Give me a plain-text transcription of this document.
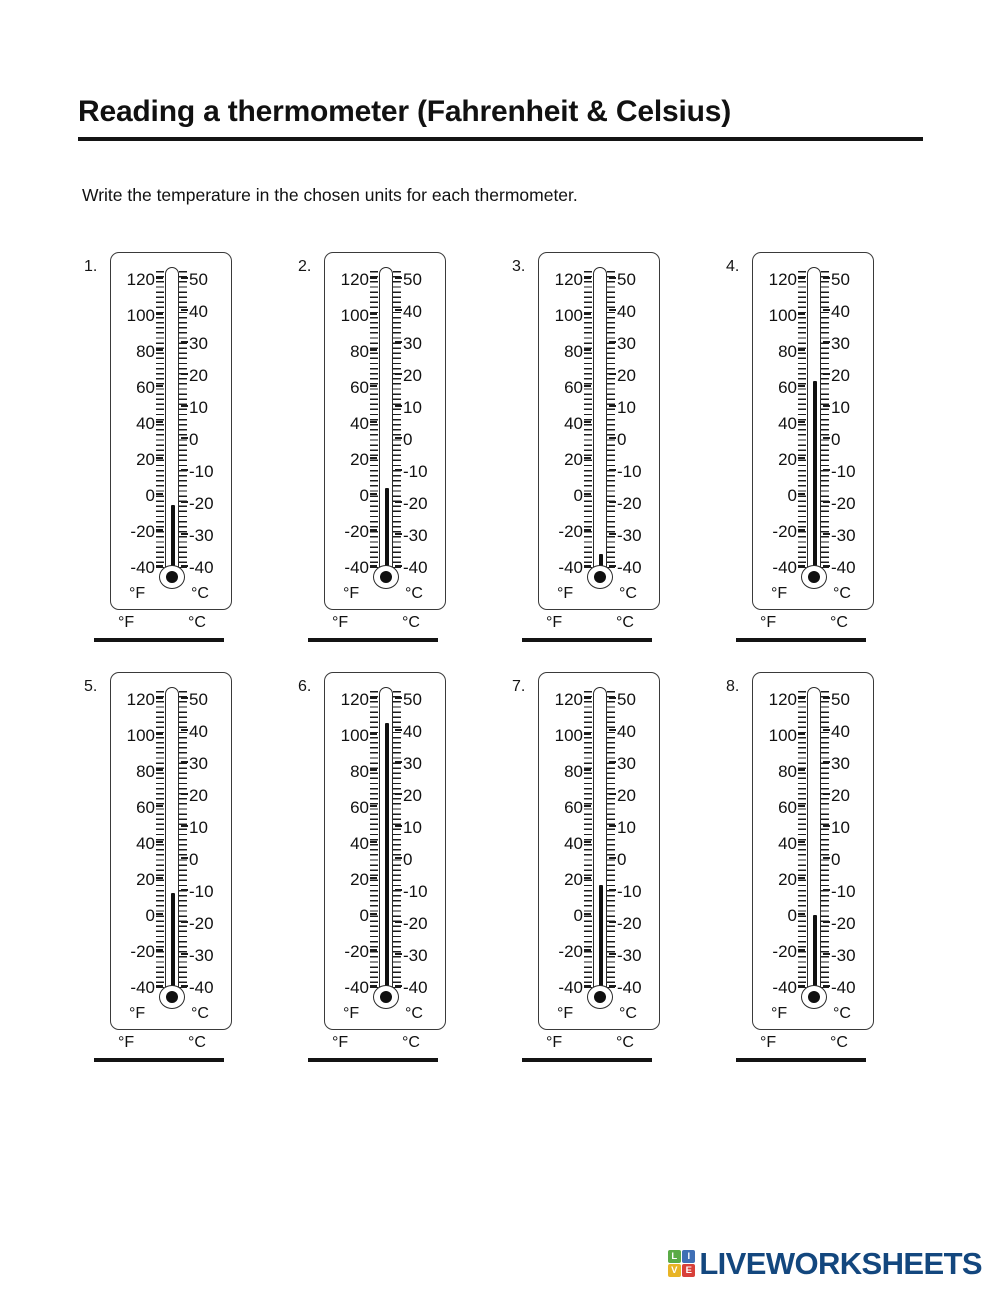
Reading a thermometer (Fahrenheit & Celsius)
Write the temperature in the chosen units for each thermometer.
1.
120
100
80
60
40
20
0
-20
-40
50
40
30
20
10
0
-10
-20
-30
-40
°F	°C
°F	°C
2.
120
100
80
60
40
20
0
-20
-40
50
40
30
20
10
0
-10
-20
-30
-40
°F	°C
°F	°C
3.
120
100
80
60
40
20
0
-20
-40
50
40
30
20
10
0
-10
-20
-30
-40
°F	°C
°F	°C
4.
120
100
80
60
40
20
0
-20
-40
50
40
30
20
10
0
-10
-20
-30
-40
°F	°C
°F	°C
5.
120
100
80
60
40
20
0
-20
-40
50
40
30
20
10
0
-10
-20
-30
-40
°F	°C
°F	°C
6.
120
100
80
60
40
20
0
-20
-40
50
40
30
20
10
0
-10
-20
-30
-40
°F	°C
°F	°C
7.
120
100
80
60
40
20
0
-20
-40
50
40
30
20
10
0
-10
-20
-30
-40
°F	°C
°F	°C
8.
120
100
80
60
40
20
0
-20
-40
50
40
30
20
10
0
-10
-20
-30
-40
°F	°C
°F	°C
L	I
V E LIVEWORKSHEETS
